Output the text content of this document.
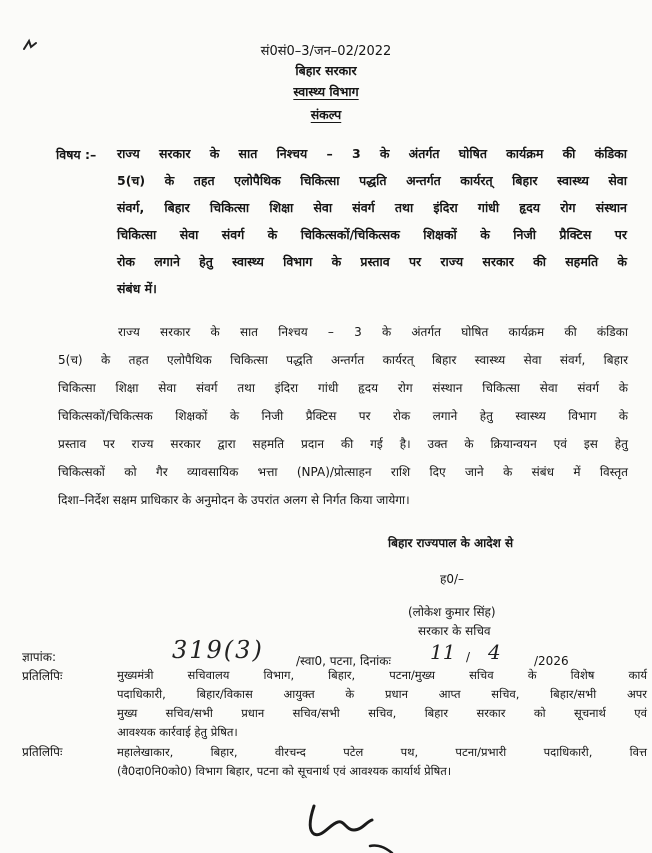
सं0सं0–3/जन–02/2022
बिहार सरकार
स्वास्थ्य विभाग
संकल्प
विषय :– राज्य सरकार के सात निश्चय – 3 के अंतर्गत घोषित कार्यक्रम की कंडिका
5(च) के तहत एलोपैथिक चिकित्सा पद्धति अन्तर्गत कार्यरत् बिहार स्वास्थ्य सेवा
संवर्ग, बिहार चिकित्सा शिक्षा सेवा संवर्ग तथा इंदिरा गांधी हृदय रोग संस्थान
चिकित्सा सेवा संवर्ग के चिकित्सकों/चिकित्सक शिक्षकों के निजी प्रैक्टिस पर
रोक लगाने हेतु स्वास्थ्य विभाग के प्रस्ताव पर राज्य सरकार की सहमति के
संबंध में।
राज्य सरकार के सात निश्चय – 3 के अंतर्गत घोषित कार्यक्रम की कंडिका
5(च) के तहत एलोपैथिक चिकित्सा पद्धति अन्तर्गत कार्यरत् बिहार स्वास्थ्य सेवा संवर्ग, बिहार
चिकित्सा शिक्षा सेवा संवर्ग तथा इंदिरा गांधी हृदय रोग संस्थान चिकित्सा सेवा संवर्ग के
चिकित्सकों/चिकित्सक शिक्षकों के निजी प्रैक्टिस पर रोक लगाने हेतु स्वास्थ्य विभाग के
प्रस्ताव पर राज्य सरकार द्वारा सहमति प्रदान की गई है। उक्त के क्रियान्वयन एवं इस हेतु
चिकित्सकों को गैर व्यावसायिक भत्ता (NPA)/प्रोत्साहन राशि दिए जाने के संबंध में विस्तृत
दिशा–निर्देश सक्षम प्राधिकार के अनुमोदन के उपरांत अलग से निर्गत किया जायेगा।
बिहार राज्यपाल के आदेश से
ह0/–
(लोकेश कुमार सिंह)
सरकार के सचिव
ज्ञापांक:	319(3)	/स्वा0, पटना, दिनांकः 11 / 4	/2026
प्रतिलिपिः	मुख्यमंत्री सचिवालय विभाग, बिहार, पटना/मुख्य सचिव के विशेष कार्य
पदाधिकारी, बिहार/विकास आयुक्त के प्रधान आप्त सचिव, बिहार/सभी अपर
मुख्य सचिव/सभी प्रधान सचिव/सभी सचिव, बिहार सरकार को सूचनार्थ एवं
आवश्यक कार्रवाई हेतु प्रेषित।
प्रतिलिपिः	महालेखाकार, बिहार, वीरचन्द पटेल पथ, पटना/प्रभारी पदाधिकारी, वित्त
(वै0दा0नि0को0) विभाग बिहार, पटना को सूचनार्थ एवं आवश्यक कार्यार्थ प्रेषित।
